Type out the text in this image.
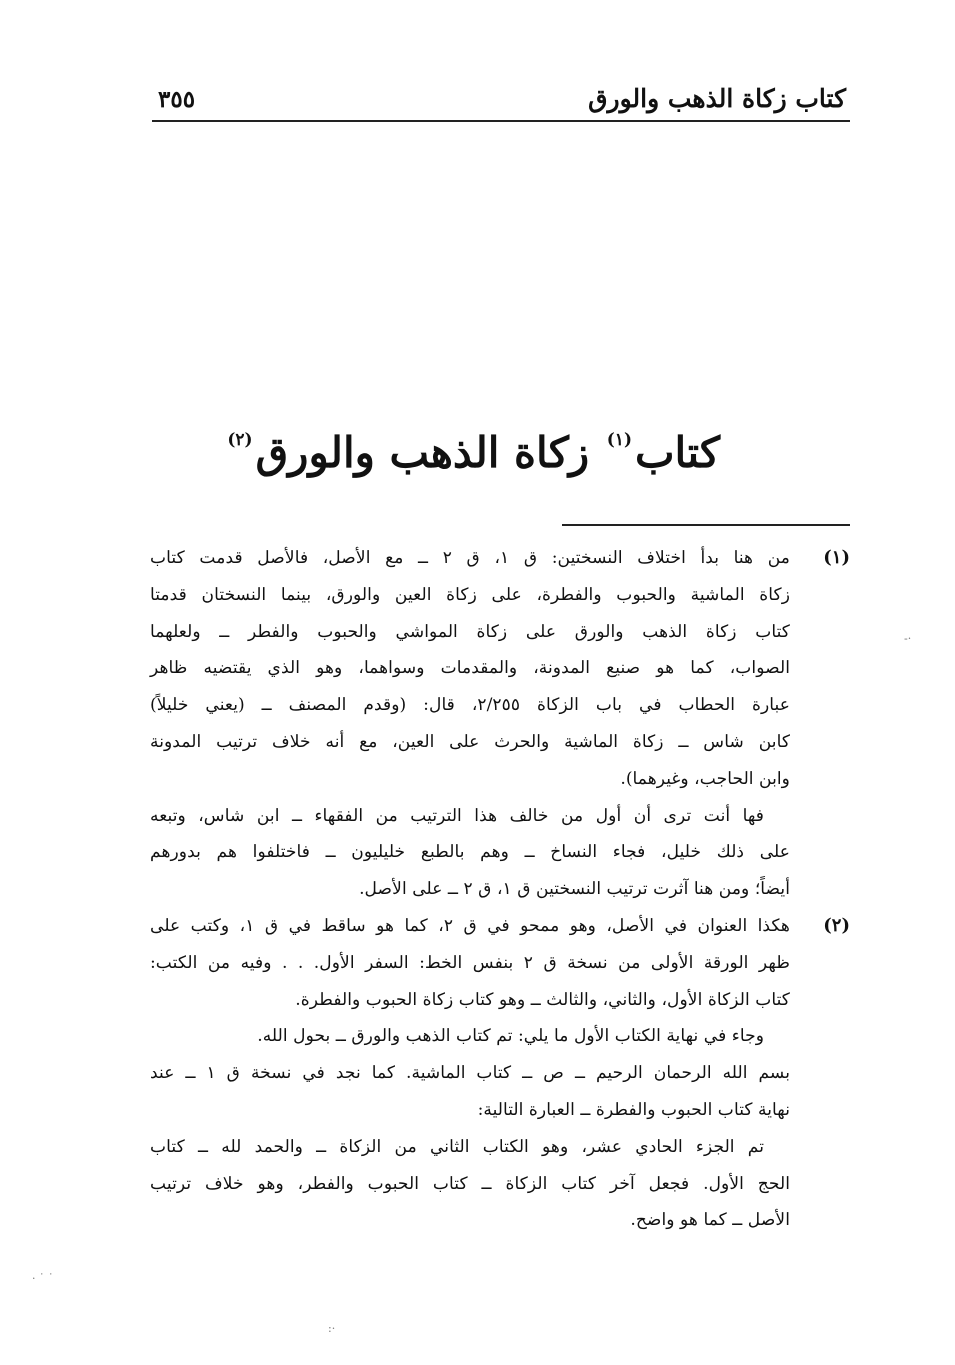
كتاب زكاة الذهب والورق
٣٥٥
كتاب$^{(١)}$ زكاة الذهب والورق$^{(٢)}$
(١)

من هنا بدأ اختلاف النسختين: ق ١، ق ٢ ــ مع الأصل، فالأصل قدمت كتاب

زكاة الماشية والحبوب والفطرة، على زكاة العين والورق، بينما النسختان قدمتا

كتاب زكاة الذهب والورق على زكاة المواشي والحبوب والفطر ــ ولعلهما

الصواب، كما هو صنيع المدونة، والمقدمات وسواهما، وهو الذي يقتضيه ظاهر

عبارة الحطاب في باب الزكاة ٢/٢٥٥، قال: (وقدم المصنف ــ (يعني خليلاً)

كابن شاس ــ زكاة الماشية والحرث على العين، مع أنه خلاف ترتيب المدونة

وابن الحاجب، وغيرهما).

فها أنت ترى أن أول من خالف هذا الترتيب من الفقهاء ــ ابن شاس، وتبعه

على ذلك خليل، فجاء النساخ ــ وهم بالطبع خليليون ــ فاختلفوا هم بدورهم

أيضاً؛ ومن هنا آثرت ترتيب النسختين ق ١، ق ٢ ــ على الأصل.

(٢)

هكذا العنوان في الأصل، وهو ممحو في ق ٢، كما هو ساقط في ق ١، وكتب على

ظهر الورقة الأولى من نسخة ق ٢ بنفس الخط: السفر الأول. . . وفيه من الكتب:

كتاب الزكاة الأول، والثاني، والثالث ــ وهو كتاب زكاة الحبوب والفطرة.

وجاء في نهاية الكتاب الأول ما يلي: تم كتاب الذهب والورق ــ بحول الله.

بسم الله الرحمان الرحيم ــ ص ــ كتاب الماشية. كما نجد في نسخة ق ١ ــ عند

نهاية كتاب الحبوب والفطرة ــ العبارة التالية:

تم الجزء الحادي عشر، وهو الكتاب الثاني من الزكاة ــ والحمد لله ــ كتاب

الحج الأول. فجعل آخر كتاب الزكاة ــ كتاب الحبوب والفطر، وهو خلاف ترتيب

الأصل ــ كما هو واضح.

·-
˙ ˙ ·
·:
